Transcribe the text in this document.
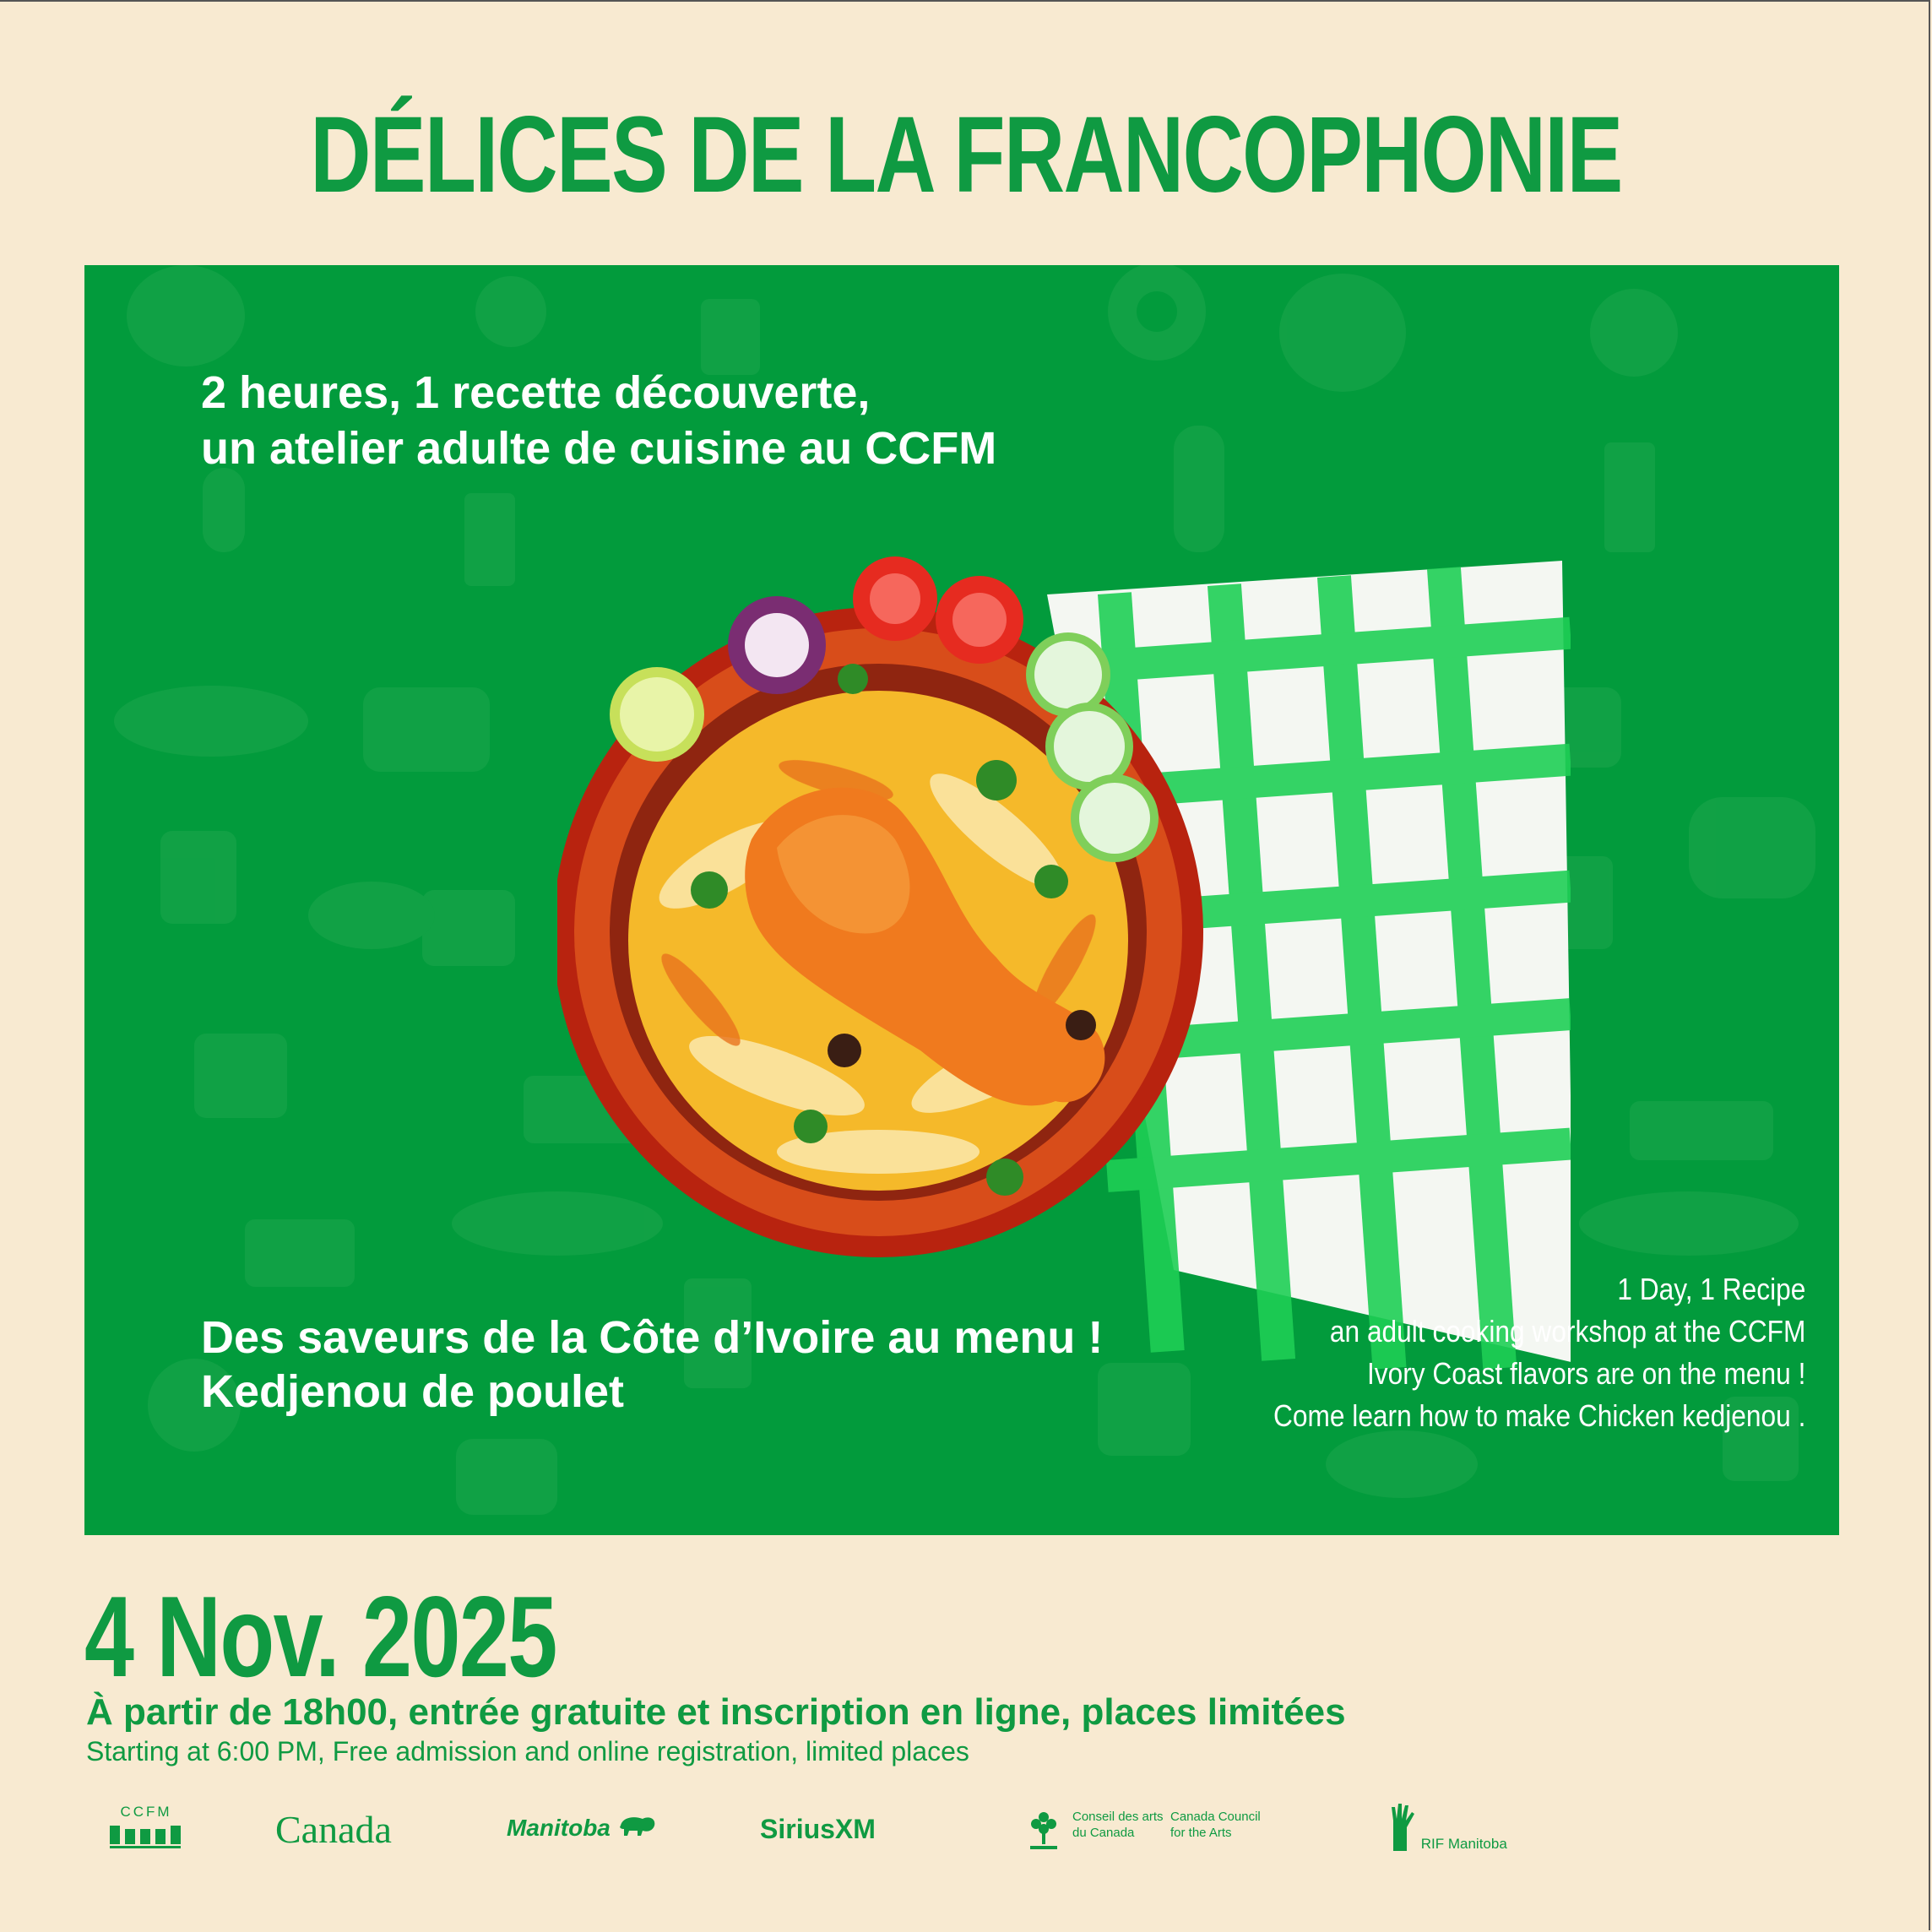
DÉLICES DE LA FRANCOPHONIE
2 heures, 1 recette découverte,
un atelier adulte de cuisine au CCFM
Des saveurs de la Côte d’Ivoire au menu !
Kedjenou de poulet
1 Day, 1 Recipe
an adult cooking workshop at the CCFM
Ivory Coast flavors are on the menu !
Come learn how to make Chicken kedjenou .
4 Nov. 2025
À partir de 18h00, entrée gratuite et inscription en ligne, places limitées
Starting at 6:00 PM, Free admission and online registration, limited places
CCFM	Canada	Manitoba	SiriusXM	Conseil des arts
du Canada
Canada Council
for the Arts
RIF Manitoba
